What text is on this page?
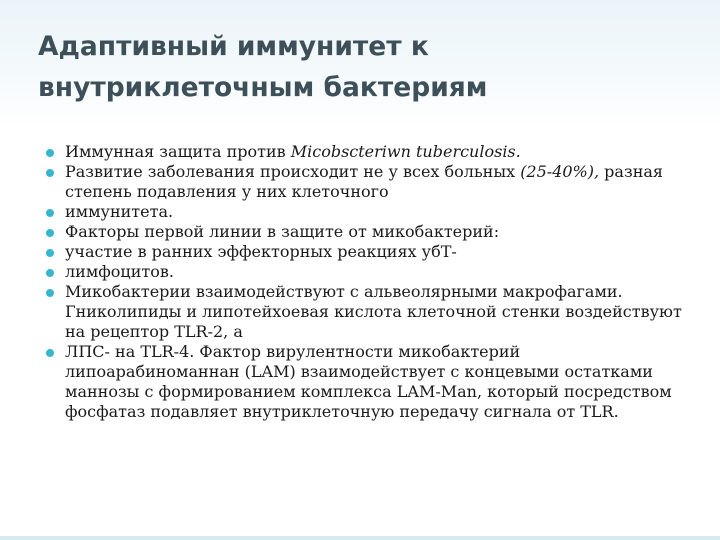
Адаптивный иммунитет к внутриклеточным бактериям
Иммунная защита против Micobscteriwn tuberculosis.
Развитие заболевания происходит не у всех больных (25-40%), разная степень подавления у них клеточного
иммунитета.
Факторы первой линии в защите от микобактерий:
участие в ранних эффекторных реакциях убТ-
лимфоцитов.
Микобактерии взаимодействуют с альвеолярными макрофагами. Гниколипиды и липотейхоевая кислота клеточной стенки воздействуют на рецептор TLR-2, а
ЛПС- на TLR-4. Фактор вирулентности микобактерий липоарабиноманнан (LAM) взаимодействует с концевыми остатками маннозы с формированием комплекса LAM-Man, который посредством фосфатаз подавляет внутриклеточную передачу сигнала от TLR.
